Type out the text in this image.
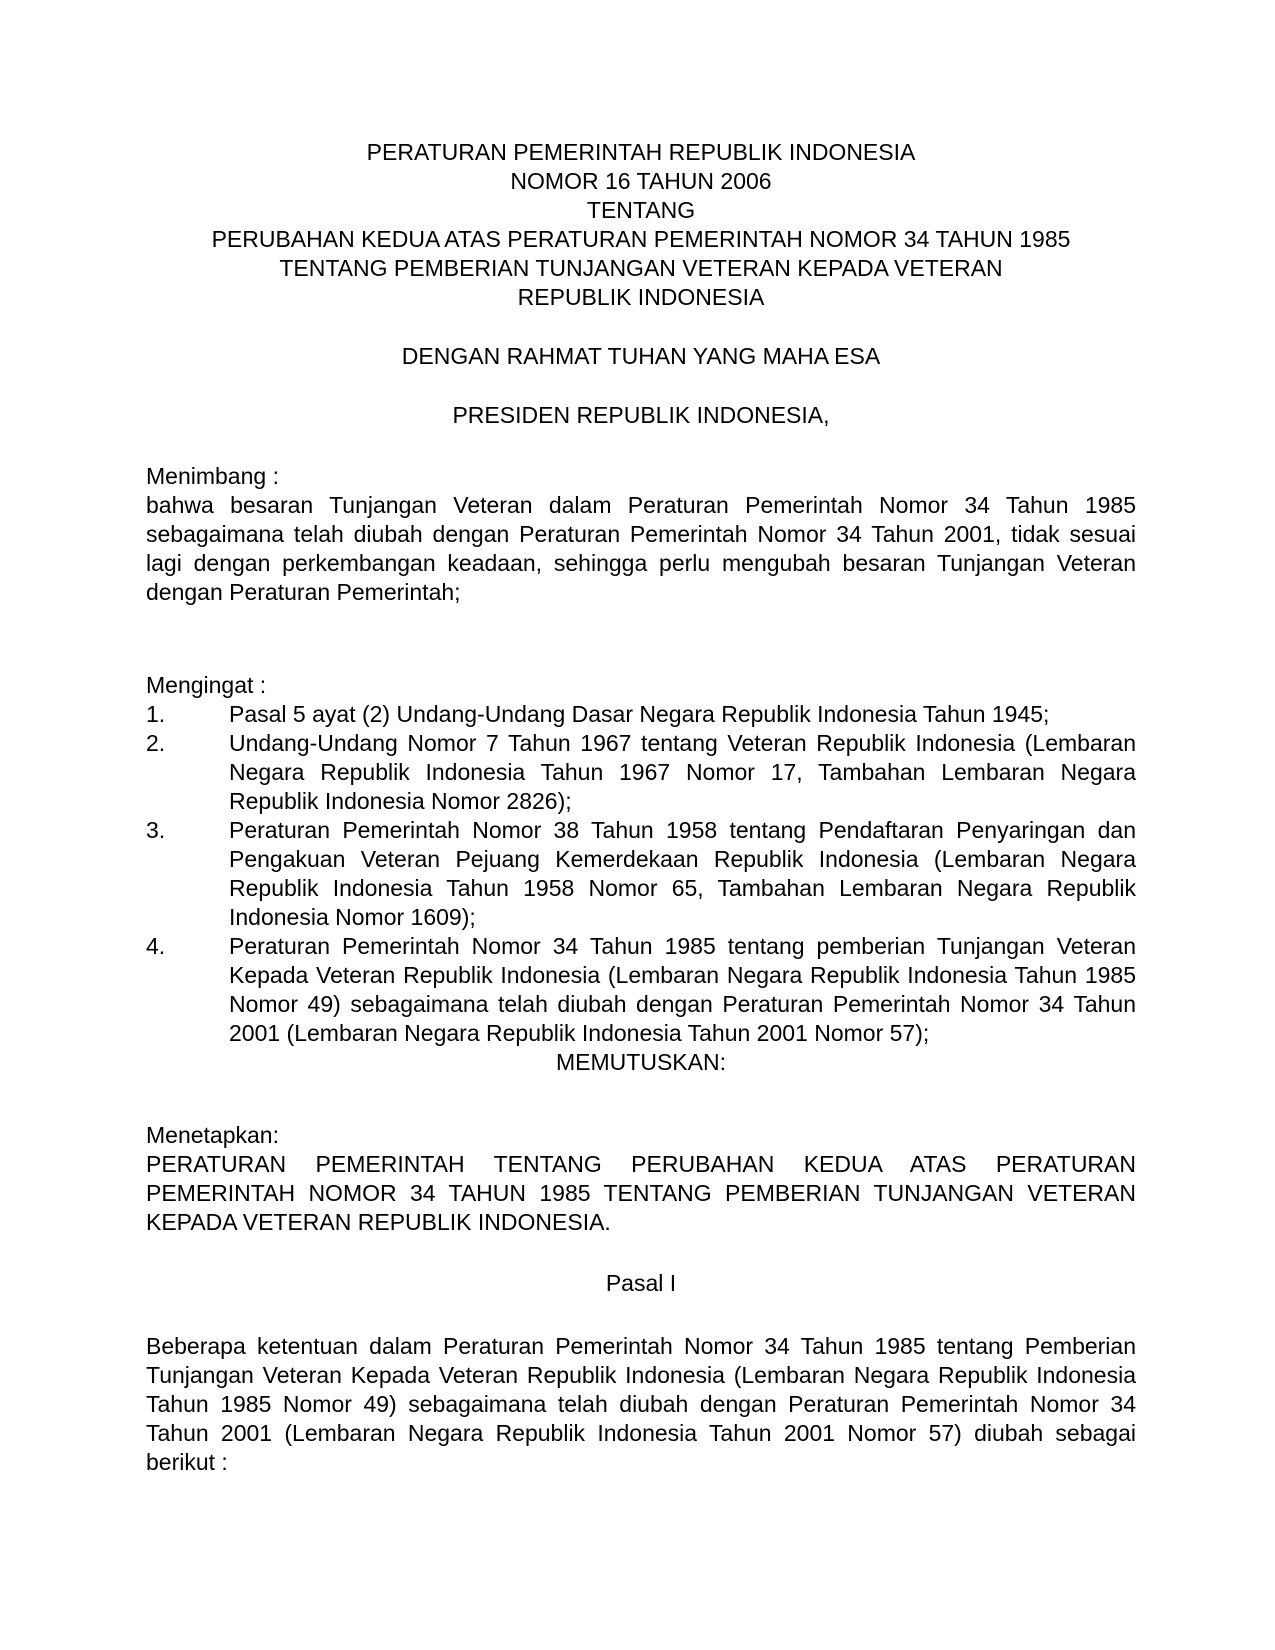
PERATURAN PEMERINTAH REPUBLIK INDONESIA
NOMOR 16 TAHUN 2006
TENTANG
PERUBAHAN KEDUA ATAS PERATURAN PEMERINTAH NOMOR 34 TAHUN 1985
TENTANG PEMBERIAN TUNJANGAN VETERAN KEPADA VETERAN
REPUBLIK INDONESIA
DENGAN RAHMAT TUHAN YANG MAHA ESA
PRESIDEN REPUBLIK INDONESIA,
Menimbang :
bahwa besaran Tunjangan Veteran dalam Peraturan Pemerintah Nomor 34 Tahun 1985 sebagaimana telah diubah dengan Peraturan Pemerintah Nomor 34 Tahun 2001, tidak sesuai lagi dengan perkembangan keadaan, sehingga perlu mengubah besaran Tunjangan Veteran dengan Peraturan Pemerintah;
Mengingat :
1.	Pasal 5 ayat (2) Undang-Undang Dasar Negara Republik Indonesia Tahun 1945;
2.	Undang-Undang Nomor 7 Tahun 1967 tentang Veteran Republik Indonesia (Lembaran Negara Republik Indonesia Tahun 1967 Nomor 17, Tambahan Lembaran Negara Republik Indonesia Nomor 2826);
3.	Peraturan Pemerintah Nomor 38 Tahun 1958 tentang Pendaftaran Penyaringan dan Pengakuan Veteran Pejuang Kemerdekaan Republik Indonesia (Lembaran Negara Republik Indonesia Tahun 1958 Nomor 65, Tambahan Lembaran Negara Republik Indonesia Nomor 1609);
4.	Peraturan Pemerintah Nomor 34 Tahun 1985 tentang pemberian Tunjangan Veteran Kepada Veteran Republik Indonesia (Lembaran Negara Republik Indonesia Tahun 1985 Nomor 49) sebagaimana telah diubah dengan Peraturan Pemerintah Nomor 34 Tahun 2001 (Lembaran Negara Republik Indonesia Tahun 2001 Nomor 57);
MEMUTUSKAN:
Menetapkan:
PERATURAN PEMERINTAH TENTANG PERUBAHAN KEDUA ATAS PERATURAN PEMERINTAH NOMOR 34 TAHUN 1985 TENTANG PEMBERIAN TUNJANGAN VETERAN KEPADA VETERAN REPUBLIK INDONESIA.
Pasal I
Beberapa ketentuan dalam Peraturan Pemerintah Nomor 34 Tahun 1985 tentang Pemberian Tunjangan Veteran Kepada Veteran Republik Indonesia (Lembaran Negara Republik Indonesia Tahun 1985 Nomor 49) sebagaimana telah diubah dengan Peraturan Pemerintah Nomor 34 Tahun 2001 (Lembaran Negara Republik Indonesia Tahun 2001 Nomor 57) diubah sebagai berikut :
